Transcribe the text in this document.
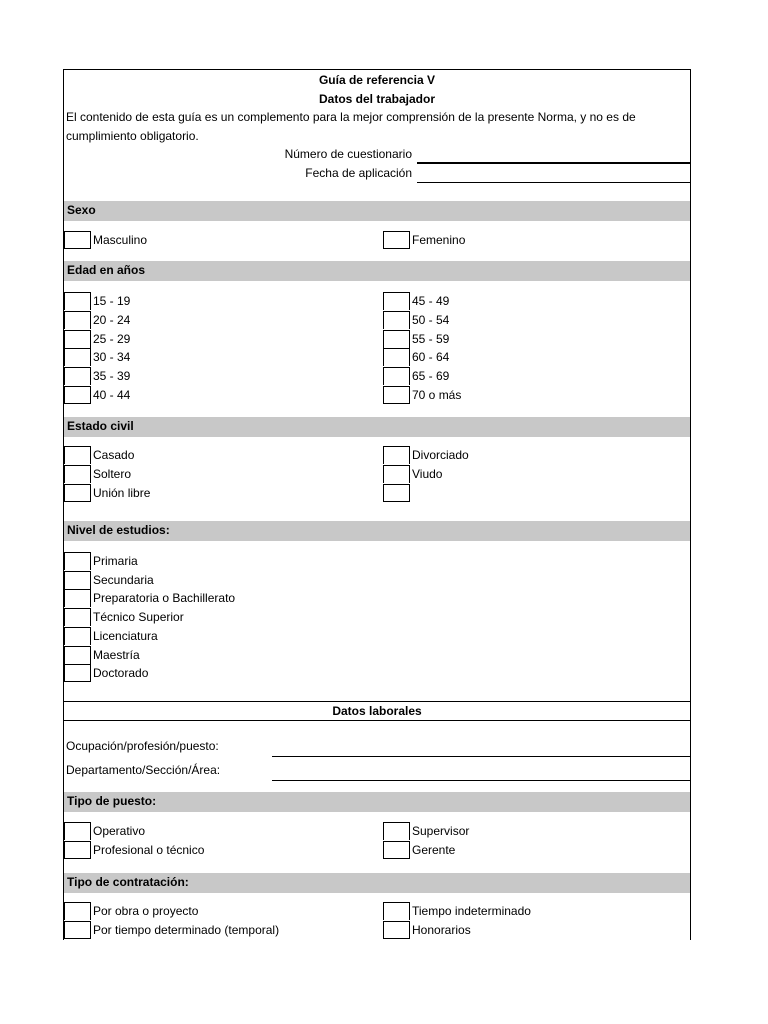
Guía de referencia V
Datos del trabajador
El contenido de esta guía es un complemento para la mejor comprensión de la presente Norma, y no es de
cumplimiento obligatorio.
Número de cuestionario
Fecha de aplicación
Sexo
Masculino	Femenino
Edad en años
15 - 19
20 - 24
25 - 29
30 - 34
35 - 39
40 - 44
45 - 49
50 - 54
55 - 59
60 - 64
65 - 69
70 o más
Estado civil
Casado
Soltero
Unión libre
Divorciado
Viudo
Nivel de estudios:
Primaria
Secundaria
Preparatoria o Bachillerato
Técnico Superior
Licenciatura
Maestría
Doctorado
Datos laborales
Ocupación/profesión/puesto:
Departamento/Sección/Área:
Tipo de puesto:
Operativo
Profesional o técnico
Supervisor
Gerente
Tipo de contratación:
Por obra o proyecto
Por tiempo determinado (temporal)
Tiempo indeterminado
Honorarios
